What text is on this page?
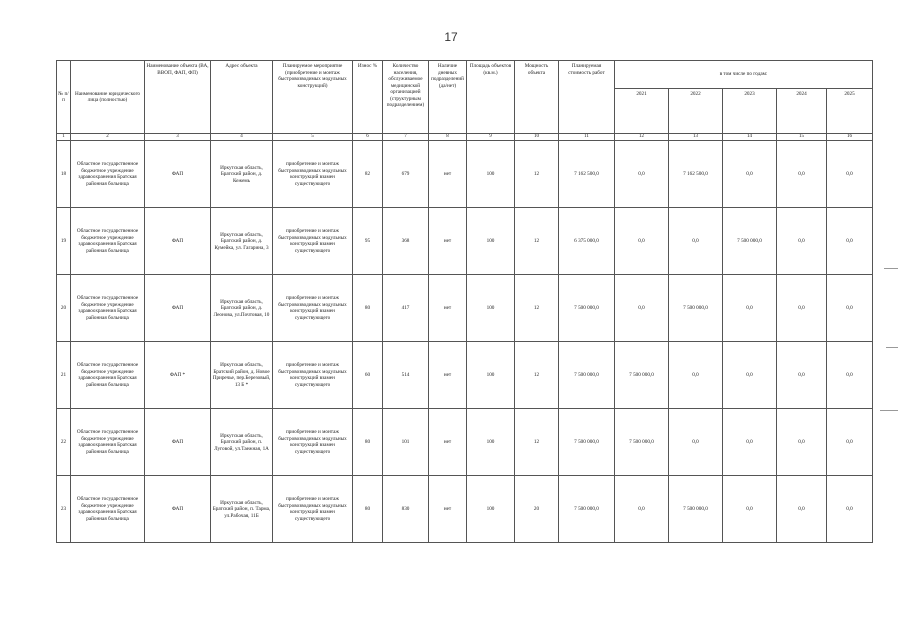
17
№ п/п	Наименование юридического лица (полностью)	Наименование объекта (ВА, ВВОП, ФАП, ФП)	Адрес объекта	Планируемое мероприятие (приобретение и монтаж быстровозводимых модульных конструкций)	Износ %	Количество населения, обслуживаемое медицинской организацией (структурным подразделением)	Наличие дневных подразделений (да/нет)	Площадь объектов (кв.м.)	Мощность объекта	Планируемая стоимость работ	в том числе по годам:				
											2021	2022	2023	2024	2025
1	2	3	4	5	6	7	8	9	10	11	12	13	14	15	16
18	Областное государственное бюджетное учреждение здравоохранения Братская районная больница	ФАП	Иркутская область, Братский район, д. Кежемь	приобретение и монтаж быстровозводимых модульных конструкций взамен существующего	82	679	нет	100	12	7 162 500,0	0,0	7 162 500,0	0,0	0,0	0,0
19	Областное государственное бюджетное учреждение здравоохранения Братская районная больница	ФАП	Иркутская область, Братский район, д. Кумейка, ул. Гагарина, 3	приобретение и монтаж быстровозводимых модульных конструкций взамен существующего	95	368	нет	100	12	6 375 000,0	0,0	0,0	7 500 000,0	0,0	0,0
20	Областное государственное бюджетное учреждение здравоохранения Братская районная больница	ФАП	Иркутская область, Братский район, д. Леонова, ул.Почтовая, 10	приобретение и монтаж быстровозводимых модульных конструкций взамен существующего	80	417	нет	100	12	7 500 000,0	0,0	7 500 000,0	0,0	0,0	0,0
21	Областное государственное бюджетное учреждение здравоохранения Братская районная больница	ФАП *	Иркутская область, Братский район, д. Новое Приречье, пер.Березовый, 13 Б *	приобретение и монтаж быстровозводимых модульных конструкций взамен существующего	60	514	нет	100	12	7 500 000,0	7 500 000,0	0,0	0,0	0,0	0,0
22	Областное государственное бюджетное учреждение здравоохранения Братская районная больница	ФАП	Иркутская область, Братский район, п. Луговой, ул.Таежная, 1А	приобретение и монтаж быстровозводимых модульных конструкций взамен существующего	80	101	нет	100	12	7 500 000,0	7 500 000,0	0,0	0,0	0,0	0,0
23	Областное государственное бюджетное учреждение здравоохранения Братская районная больница	ФАП	Иркутская область, Братский район, п. Тарма, ул.Рабочая, 11Б	приобретение и монтаж быстровозводимых модульных конструкций взамен существующего	80	830	нет	100	20	7 500 000,0	0,0	7 500 000,0	0,0	0,0	0,0
